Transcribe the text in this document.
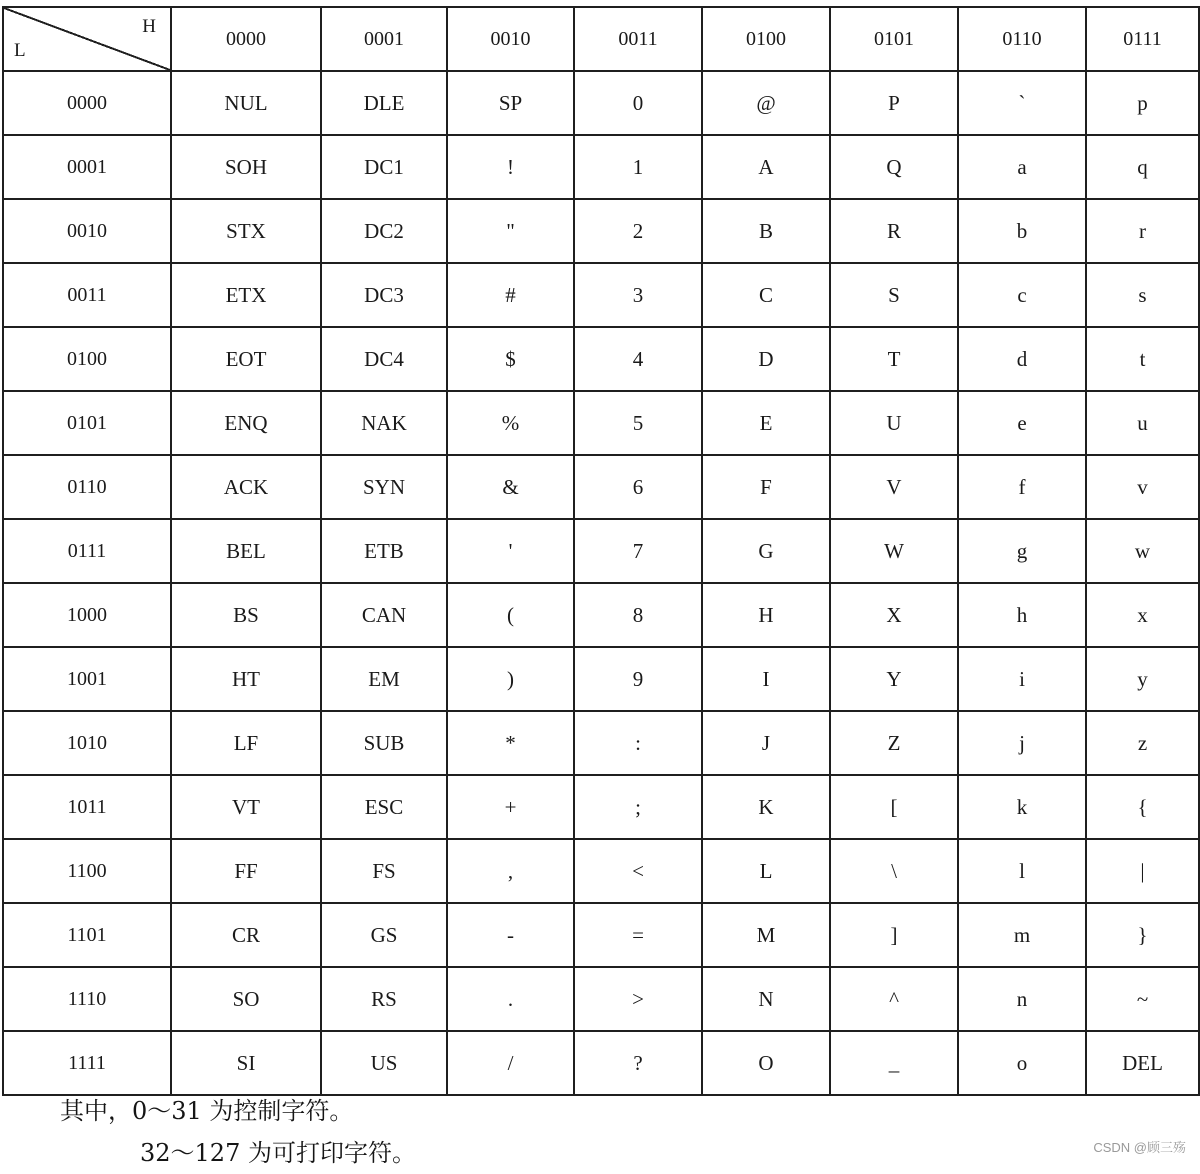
H
L	0000	0001	0010	0011	0100	0101	0110	0111
0000	NUL	DLE	SP	0	@	P	`	p
0001	SOH	DC1	!	1	A	Q	a	q
0010	STX	DC2	"	2	B	R	b	r
0011	ETX	DC3	#	3	C	S	c	s
0100	EOT	DC4	$	4	D	T	d	t
0101	ENQ	NAK	%	5	E	U	e	u
0110	ACK	SYN	&	6	F	V	f	v
0111	BEL	ETB	'	7	G	W	g	w
1000	BS	CAN	(	8	H	X	h	x
1001	HT	EM	)	9	I	Y	i	y
1010	LF	SUB	*	:	J	Z	j	z
1011	VT	ESC	+	;	K	[	k	{
1100	FF	FS	,	<	L	\	l	|
1101	CR	GS	-	=	M	]	m	}
1110	SO	RS	.	>	N	^	n	~
1111	SI	US	/	?	O	_	o	DEL
其中，0～31 为控制字符。
32～127 为可打印字符。	CSDN @顾三殇
